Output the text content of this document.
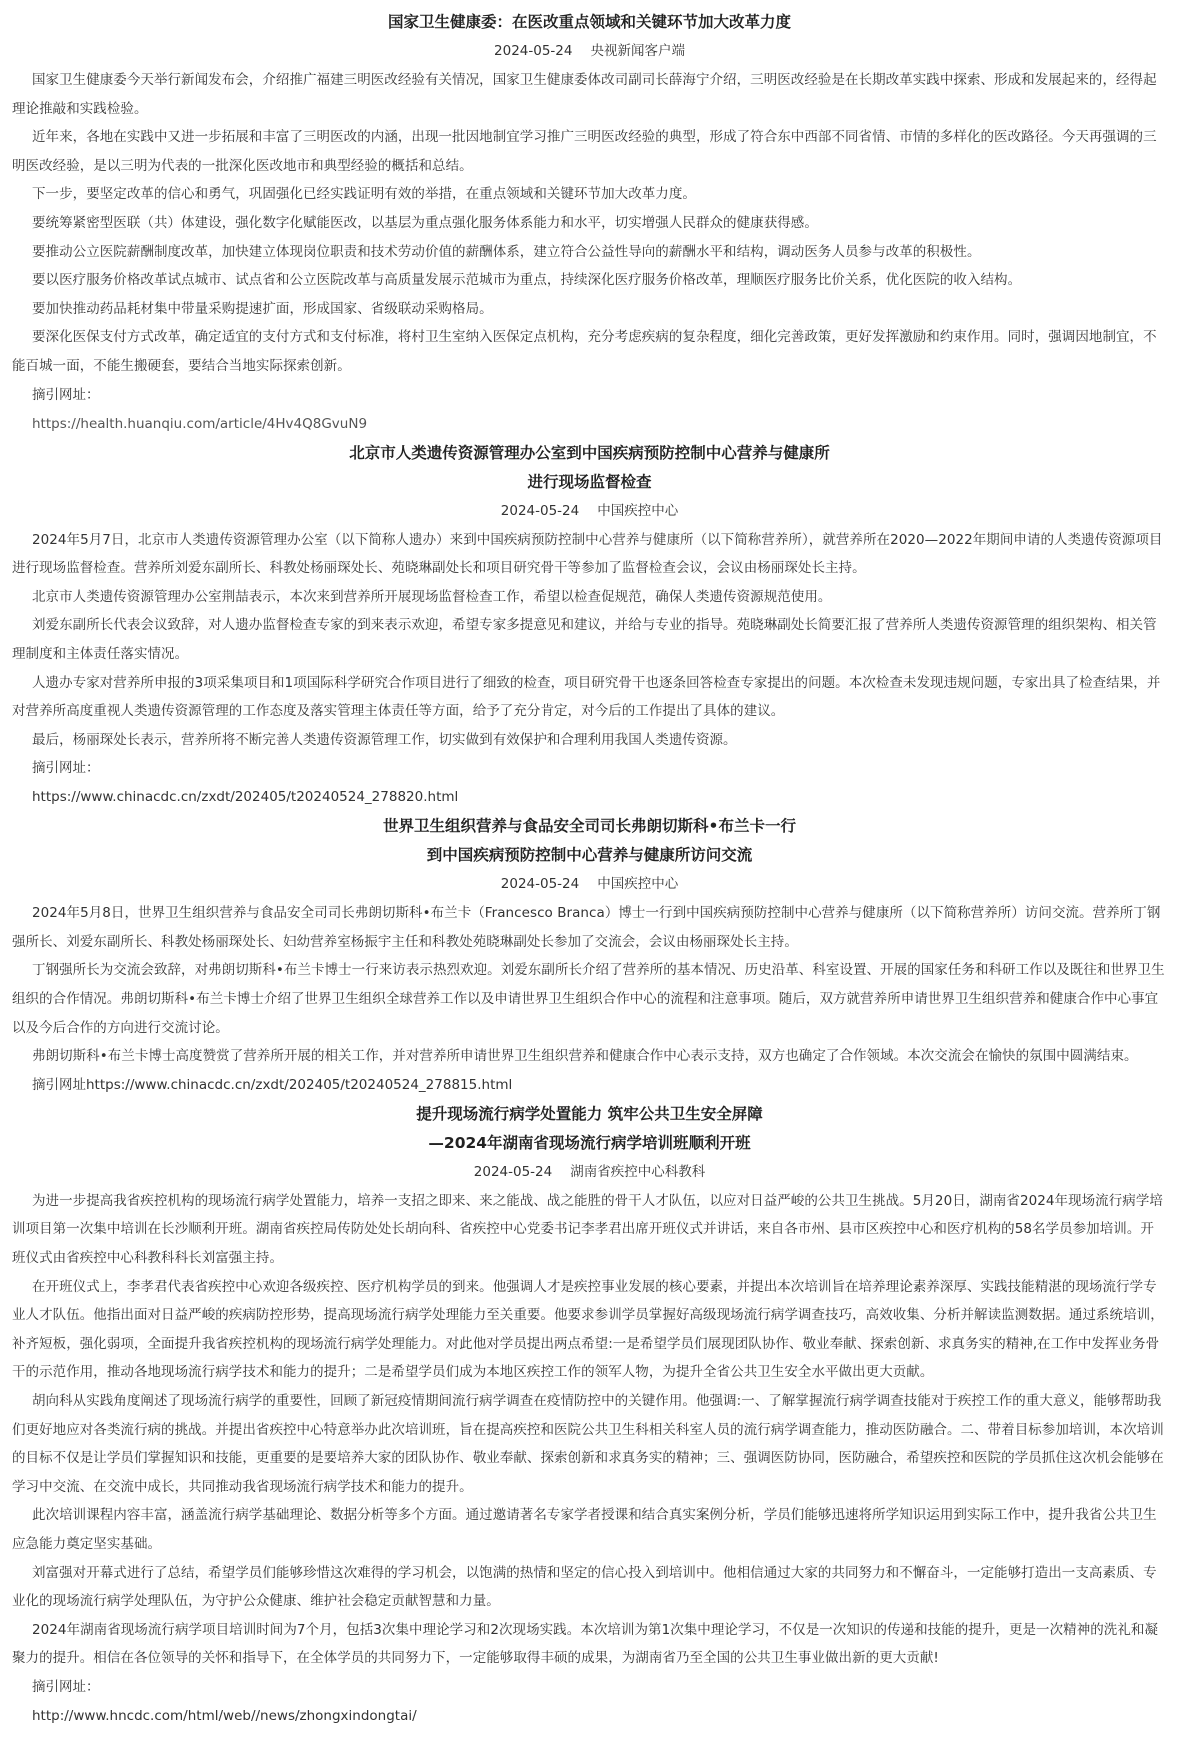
国家卫生健康委：在医改重点领域和关键环节加大改革力度

2024-05-24 央视新闻客户端

国家卫生健康委今天举行新闻发布会，介绍推广福建三明医改经验有关情况，国家卫生健康委体改司副司长薛海宁介绍，三明医改经验是在长期改革实践中探索、形成和发展起来的，经得起理论推敲和实践检验。

近年来，各地在实践中又进一步拓展和丰富了三明医改的内涵，出现一批因地制宜学习推广三明医改经验的典型，形成了符合东中西部不同省情、市情的多样化的医改路径。今天再强调的三明医改经验，是以三明为代表的一批深化医改地市和典型经验的概括和总结。

下一步，要坚定改革的信心和勇气，巩固强化已经实践证明有效的举措，在重点领域和关键环节加大改革力度。

要统筹紧密型医联（共）体建设，强化数字化赋能医改，以基层为重点强化服务体系能力和水平，切实增强人民群众的健康获得感。

要推动公立医院薪酬制度改革，加快建立体现岗位职责和技术劳动价值的薪酬体系，建立符合公益性导向的薪酬水平和结构，调动医务人员参与改革的积极性。

要以医疗服务价格改革试点城市、试点省和公立医院改革与高质量发展示范城市为重点，持续深化医疗服务价格改革，理顺医疗服务比价关系，优化医院的收入结构。

要加快推动药品耗材集中带量采购提速扩面，形成国家、省级联动采购格局。

要深化医保支付方式改革，确定适宜的支付方式和支付标准，将村卫生室纳入医保定点机构，充分考虑疾病的复杂程度，细化完善政策，更好发挥激励和约束作用。同时，强调因地制宜，不能百城一面，不能生搬硬套，要结合当地实际探索创新。

摘引网址：

https://health.huanqiu.com/article/4Hv4Q8GvuN9

北京市人类遗传资源管理办公室到中国疾病预防控制中心营养与健康所

进行现场监督检查

2024-05-24 中国疾控中心

2024年5月7日，北京市人类遗传资源管理办公室（以下简称人遗办）来到中国疾病预防控制中心营养与健康所（以下简称营养所），就营养所在2020—2022年期间申请的人类遗传资源项目进行现场监督检查。营养所刘爱东副所长、科教处杨丽琛处长、苑晓琳副处长和项目研究骨干等参加了监督检查会议，会议由杨丽琛处长主持。

北京市人类遗传资源管理办公室荆喆表示，本次来到营养所开展现场监督检查工作，希望以检查促规范，确保人类遗传资源规范使用。

刘爱东副所长代表会议致辞，对人遗办监督检查专家的到来表示欢迎，希望专家多提意见和建议，并给与专业的指导。苑晓琳副处长简要汇报了营养所人类遗传资源管理的组织架构、相关管理制度和主体责任落实情况。

人遗办专家对营养所申报的3项采集项目和1项国际科学研究合作项目进行了细致的检查，项目研究骨干也逐条回答检查专家提出的问题。本次检查未发现违规问题，专家出具了检查结果，并对营养所高度重视人类遗传资源管理的工作态度及落实管理主体责任等方面，给予了充分肯定，对今后的工作提出了具体的建议。

最后，杨丽琛处长表示，营养所将不断完善人类遗传资源管理工作，切实做到有效保护和合理利用我国人类遗传资源。

摘引网址：

https://www.chinacdc.cn/zxdt/202405/t20240524_278820.html

世界卫生组织营养与食品安全司司长弗朗切斯科•布兰卡一行

到中国疾病预防控制中心营养与健康所访问交流

2024-05-24 中国疾控中心

2024年5月8日，世界卫生组织营养与食品安全司司长弗朗切斯科•布兰卡（Francesco Branca）博士一行到中国疾病预防控制中心营养与健康所（以下简称营养所）访问交流。营养所丁钢强所长、刘爱东副所长、科教处杨丽琛处长、妇幼营养室杨振宇主任和科教处苑晓琳副处长参加了交流会，会议由杨丽琛处长主持。

丁钢强所长为交流会致辞，对弗朗切斯科•布兰卡博士一行来访表示热烈欢迎。刘爱东副所长介绍了营养所的基本情况、历史沿革、科室设置、开展的国家任务和科研工作以及既往和世界卫生组织的合作情况。弗朗切斯科•布兰卡博士介绍了世界卫生组织全球营养工作以及申请世界卫生组织合作中心的流程和注意事项。随后，双方就营养所申请世界卫生组织营养和健康合作中心事宜以及今后合作的方向进行交流讨论。

弗朗切斯科•布兰卡博士高度赞赏了营养所开展的相关工作，并对营养所申请世界卫生组织营养和健康合作中心表示支持，双方也确定了合作领域。本次交流会在愉快的氛围中圆满结束。

摘引网址https://www.chinacdc.cn/zxdt/202405/t20240524_278815.html

提升现场流行病学处置能力 筑牢公共卫生安全屏障

—2024年湖南省现场流行病学培训班顺利开班

2024-05-24 湖南省疾控中心科教科

为进一步提高我省疾控机构的现场流行病学处置能力，培养一支招之即来、来之能战、战之能胜的骨干人才队伍，以应对日益严峻的公共卫生挑战。5月20日，湖南省2024年现场流行病学培训项目第一次集中培训在长沙顺利开班。湖南省疾控局传防处处长胡向科、省疾控中心党委书记李孝君出席开班仪式并讲话，来自各市州、县市区疾控中心和医疗机构的58名学员参加培训。开班仪式由省疾控中心科教科科长刘富强主持。

在开班仪式上，李孝君代表省疾控中心欢迎各级疾控、医疗机构学员的到来。他强调人才是疾控事业发展的核心要素，并提出本次培训旨在培养理论素养深厚、实践技能精湛的现场流行学专业人才队伍。他指出面对日益严峻的疾病防控形势，提高现场流行病学处理能力至关重要。他要求参训学员掌握好高级现场流行病学调查技巧，高效收集、分析并解读监测数据。通过系统培训，补齐短板，强化弱项，全面提升我省疾控机构的现场流行病学处理能力。对此他对学员提出两点希望:一是希望学员们展现团队协作、敬业奉献、探索创新、求真务实的精神,在工作中发挥业务骨干的示范作用，推动各地现场流行病学技术和能力的提升；二是希望学员们成为本地区疾控工作的领军人物，为提升全省公共卫生安全水平做出更大贡献。

胡向科从实践角度阐述了现场流行病学的重要性，回顾了新冠疫情期间流行病学调查在疫情防控中的关键作用。他强调:一、了解掌握流行病学调查技能对于疾控工作的重大意义，能够帮助我们更好地应对各类流行病的挑战。并提出省疾控中心特意举办此次培训班，旨在提高疾控和医院公共卫生科相关科室人员的流行病学调查能力，推动医防融合。二、带着目标参加培训，本次培训的目标不仅是让学员们掌握知识和技能，更重要的是要培养大家的团队协作、敬业奉献、探索创新和求真务实的精神；三、强调医防协同，医防融合，希望疾控和医院的学员抓住这次机会能够在学习中交流、在交流中成长，共同推动我省现场流行病学技术和能力的提升。

此次培训课程内容丰富，涵盖流行病学基础理论、数据分析等多个方面。通过邀请著名专家学者授课和结合真实案例分析，学员们能够迅速将所学知识运用到实际工作中，提升我省公共卫生应急能力奠定坚实基础。

刘富强对开幕式进行了总结，希望学员们能够珍惜这次难得的学习机会，以饱满的热情和坚定的信心投入到培训中。他相信通过大家的共同努力和不懈奋斗，一定能够打造出一支高素质、专业化的现场流行病学处理队伍，为守护公众健康、维护社会稳定贡献智慧和力量。

2024年湖南省现场流行病学项目培训时间为7个月，包括3次集中理论学习和2次现场实践。本次培训为第1次集中理论学习，不仅是一次知识的传递和技能的提升，更是一次精神的洗礼和凝聚力的提升。相信在各位领导的关怀和指导下，在全体学员的共同努力下，一定能够取得丰硕的成果，为湖南省乃至全国的公共卫生事业做出新的更大贡献!

摘引网址：

http://www.hncdc.com/html/web//news/zhongxindongtai/
